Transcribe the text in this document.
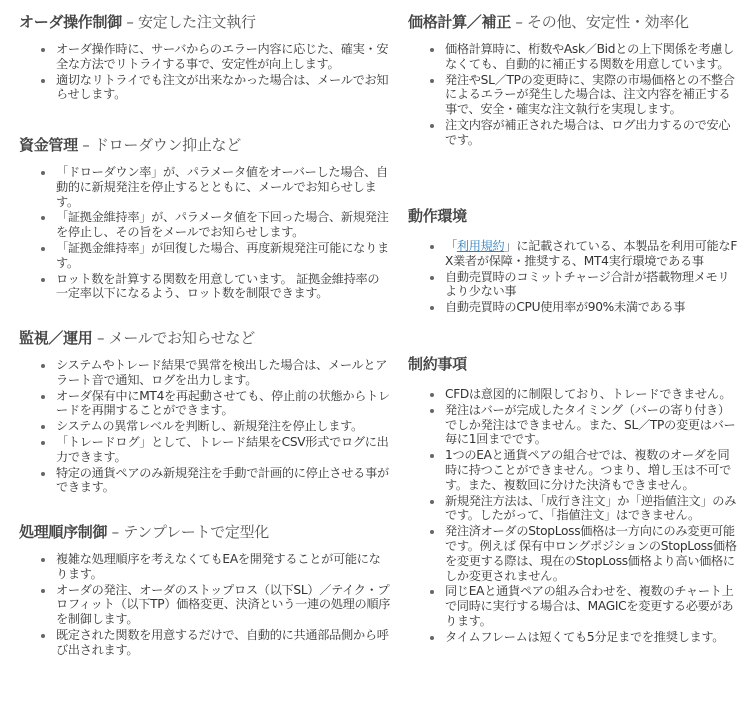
オーダ操作制御 – 安定した注文執行
オーダ操作時に、サーバからのエラー内容に応じた、確実・安全な方法でリトライする事で、安定性が向上します。
適切なリトライでも注文が出来なかった場合は、メールでお知らせします。
資金管理 – ドローダウン抑止など
「ドローダウン率」が、パラメータ値をオーバーした場合、自動的に新規発注を停止するとともに、メールでお知らせします。
「証拠金維持率」が、パラメータ値を下回った場合、新規発注を停止し、その旨をメールでお知らせします。
「証拠金維持率」が回復した場合、再度新規発注可能になります。
ロット数を計算する関数を用意しています。 証拠金維持率の一定率以下になるよう、ロット数を制限できます。
監視／運用 – メールでお知らせなど
システムやトレード結果で異常を検出した場合は、メールとアラート音で通知、ログを出力します。
オーダ保有中にMT4を再起動させても、停止前の状態からトレードを再開することができます。
システムの異常レベルを判断し、新規発注を停止します。
「トレードログ」として、トレード結果をCSV形式でログに出力できます。
特定の通貨ペアのみ新規発注を手動で計画的に停止させる事ができます。
処理順序制御 – テンプレートで定型化
複雑な処理順序を考えなくてもEAを開発することが可能になります。
オーダの発注、オーダのストップロス（以下SL）／テイク・プロフィット（以下TP）価格変更、決済という一連の処理の順序を制御します。
既定された関数を用意するだけで、自動的に共通部品側から呼び出されます。
価格計算／補正 – その他、安定性・効率化
価格計算時に、桁数やAsk／Bidとの上下関係を考慮しなくても、自動的に補正する関数を用意しています。
発注やSL／TPの変更時に、実際の市場価格との不整合によるエラーが発生した場合は、注文内容を補正する事で、安全・確実な注文執行を実現します。
注文内容が補正された場合は、ログ出力するので安心です。
動作環境
「利用規約」に記載されている、本製品を利用可能なFX業者が保障・推奨する、MT4実行環境である事
自動売買時のコミットチャージ合計が搭載物理メモリより少ない事
自動売買時のCPU使用率が90%未満である事
制約事項
CFDは意図的に制限しており、トレードできません。
発注はバーが完成したタイミング（バーの寄り付き）でしか発注はできません。また、SL／TPの変更はバー毎に1回までです。
1つのEAと通貨ペアの組合せでは、複数のオーダを同時に持つことができません。つまり、増し玉は不可です。また、複数回に分けた決済もできません。
新規発注方法は、「成行き注文」か「逆指値注文」のみです。したがって、「指値注文」はできません。
発注済オーダのStopLoss価格は一方向にのみ変更可能です。例えば 保有中ロングポジションのStopLoss価格を変更する際は、現在のStopLoss価格より高い価格にしか変更されません。
同じEAと通貨ペアの組み合わせを、複数のチャート上で同時に実行する場合は、MAGICを変更する必要があります。
タイムフレームは短くても5分足までを推奨します。
